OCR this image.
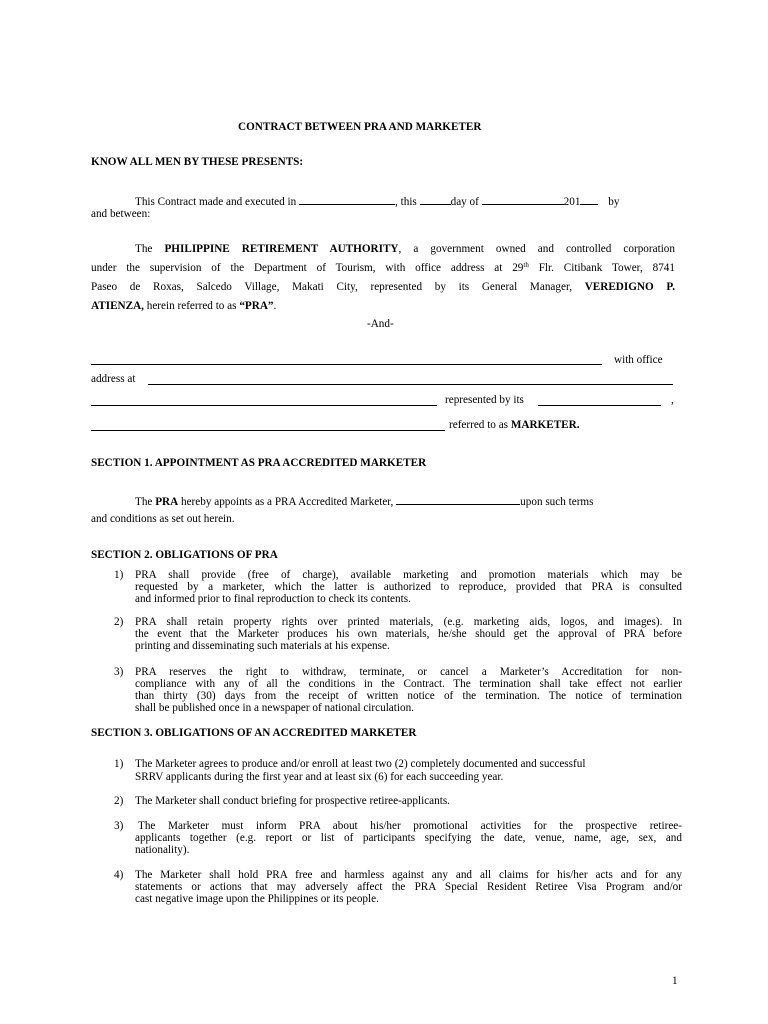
CONTRACT BETWEEN PRA AND MARKETER
KNOW ALL MEN BY THESE PRESENTS:
This Contract made and executed in	, this	day of	201 by
and between:
The PHILIPPINE RETIREMENT AUTHORITY, a government owned and controlled corporation
under the supervision of the Department of Tourism, with office address at 29th Flr. Citibank Tower, 8741
Paseo de Roxas, Salcedo Village, Makati City, represented by its General Manager, VEREDIGNO P.
ATIENZA, herein referred to as “PRA”.
-And-
with office
address at
represented by its	,
referred to as MARKETER.
SECTION 1. APPOINTMENT AS PRA ACCREDITED MARKETER
The PRA hereby appoints as a PRA Accredited Marketer,	upon such terms
and conditions as set out herein.
SECTION 2. OBLIGATIONS OF PRA
1) PRA shall provide (free of charge), available marketing and promotion materials which may be
requested by a marketer, which the latter is authorized to reproduce, provided that PRA is consulted
and informed prior to final reproduction to check its contents.
2) PRA shall retain property rights over printed materials, (e.g. marketing aids, logos, and images). In
the event that the Marketer produces his own materials, he/she should get the approval of PRA before
printing and disseminating such materials at his expense.
3) PRA reserves the right to withdraw, terminate, or cancel a Marketer’s Accreditation for non-
compliance with any of all the conditions in the Contract. The termination shall take effect not earlier
than thirty (30) days from the receipt of written notice of the termination. The notice of termination
shall be published once in a newspaper of national circulation.
SECTION 3. OBLIGATIONS OF AN ACCREDITED MARKETER
1) The Marketer agrees to produce and/or enroll at least two (2) completely documented and successful
SRRV applicants during the first year and at least six (6) for each succeeding year.
2) The Marketer shall conduct briefing for prospective retiree-applicants.
3) The Marketer must inform PRA about his/her promotional activities for the prospective retiree-
applicants together (e.g. report or list of participants specifying the date, venue, name, age, sex, and
nationality).
4) The Marketer shall hold PRA free and harmless against any and all claims for his/her acts and for any
statements or actions that may adversely affect the PRA Special Resident Retiree Visa Program and/or
cast negative image upon the Philippines or its people.
1
